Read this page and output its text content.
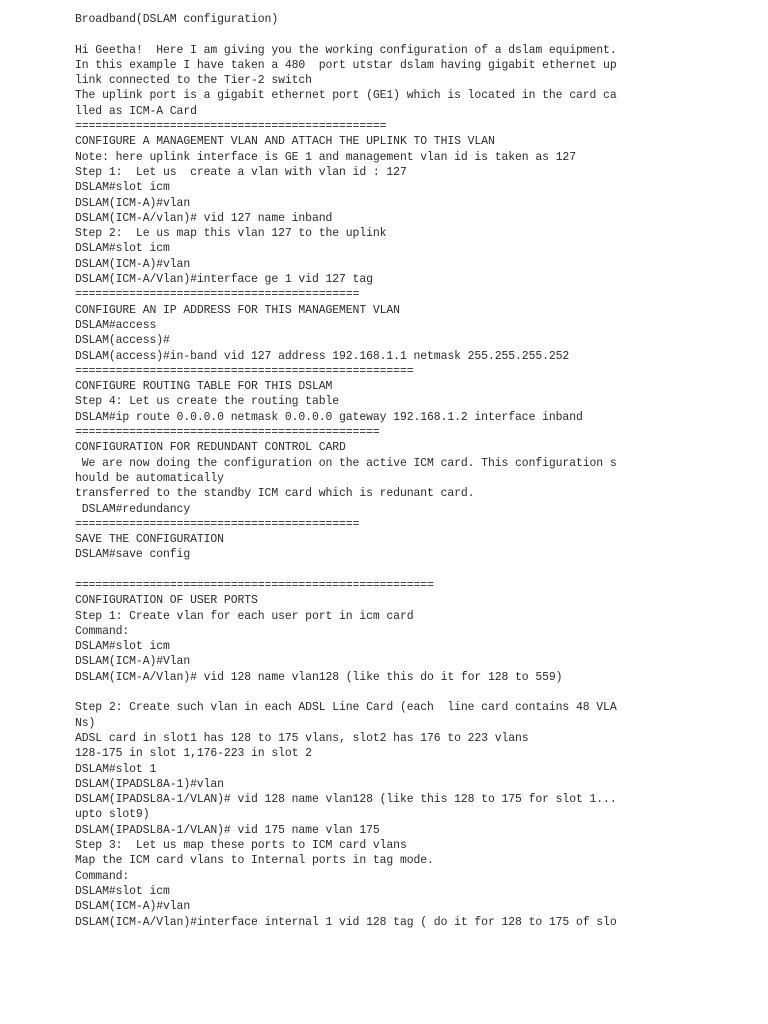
Broadband(DSLAM configuration)
Hi Geetha!  Here I am giving you the working configuration of a dslam equipment.
In this example I have taken a 480  port utstar dslam having gigabit ethernet up
link connected to the Tier-2 switch
The uplink port is a gigabit ethernet port (GE1) which is located in the card ca
lled as ICM-A Card
==============================================
CONFIGURE A MANAGEMENT VLAN AND ATTACH THE UPLINK TO THIS VLAN
Note: here uplink interface is GE 1 and management vlan id is taken as 127
Step 1:  Let us  create a vlan with vlan id : 127
DSLAM#slot icm
DSLAM(ICM-A)#vlan
DSLAM(ICM-A/vlan)# vid 127 name inband
Step 2:  Le us map this vlan 127 to the uplink
DSLAM#slot icm
DSLAM(ICM-A)#vlan
DSLAM(ICM-A/Vlan)#interface ge 1 vid 127 tag
==========================================
CONFIGURE AN IP ADDRESS FOR THIS MANAGEMENT VLAN
DSLAM#access
DSLAM(access)#
DSLAM(access)#in-band vid 127 address 192.168.1.1 netmask 255.255.255.252
==================================================
CONFIGURE ROUTING TABLE FOR THIS DSLAM
Step 4: Let us create the routing table
DSLAM#ip route 0.0.0.0 netmask 0.0.0.0 gateway 192.168.1.2 interface inband
=============================================
CONFIGURATION FOR REDUNDANT CONTROL CARD
We are now doing the configuration on the active ICM card. This configuration s
hould be automatically
transferred to the standby ICM card which is redunant card.
DSLAM#redundancy
==========================================
SAVE THE CONFIGURATION
DSLAM#save config
=====================================================
CONFIGURATION OF USER PORTS
Step 1: Create vlan for each user port in icm card
Command:
DSLAM#slot icm
DSLAM(ICM-A)#Vlan
DSLAM(ICM-A/Vlan)# vid 128 name vlan128 (like this do it for 128 to 559)
Step 2: Create such vlan in each ADSL Line Card (each  line card contains 48 VLA
Ns)
ADSL card in slot1 has 128 to 175 vlans, slot2 has 176 to 223 vlans
128-175 in slot 1,176-223 in slot 2
DSLAM#slot 1
DSLAM(IPADSL8A-1)#vlan
DSLAM(IPADSL8A-1/VLAN)# vid 128 name vlan128 (like this 128 to 175 for slot 1...
upto slot9)
DSLAM(IPADSL8A-1/VLAN)# vid 175 name vlan 175
Step 3:  Let us map these ports to ICM card vlans
Map the ICM card vlans to Internal ports in tag mode.
Command:
DSLAM#slot icm
DSLAM(ICM-A)#vlan
DSLAM(ICM-A/Vlan)#interface internal 1 vid 128 tag ( do it for 128 to 175 of slo
